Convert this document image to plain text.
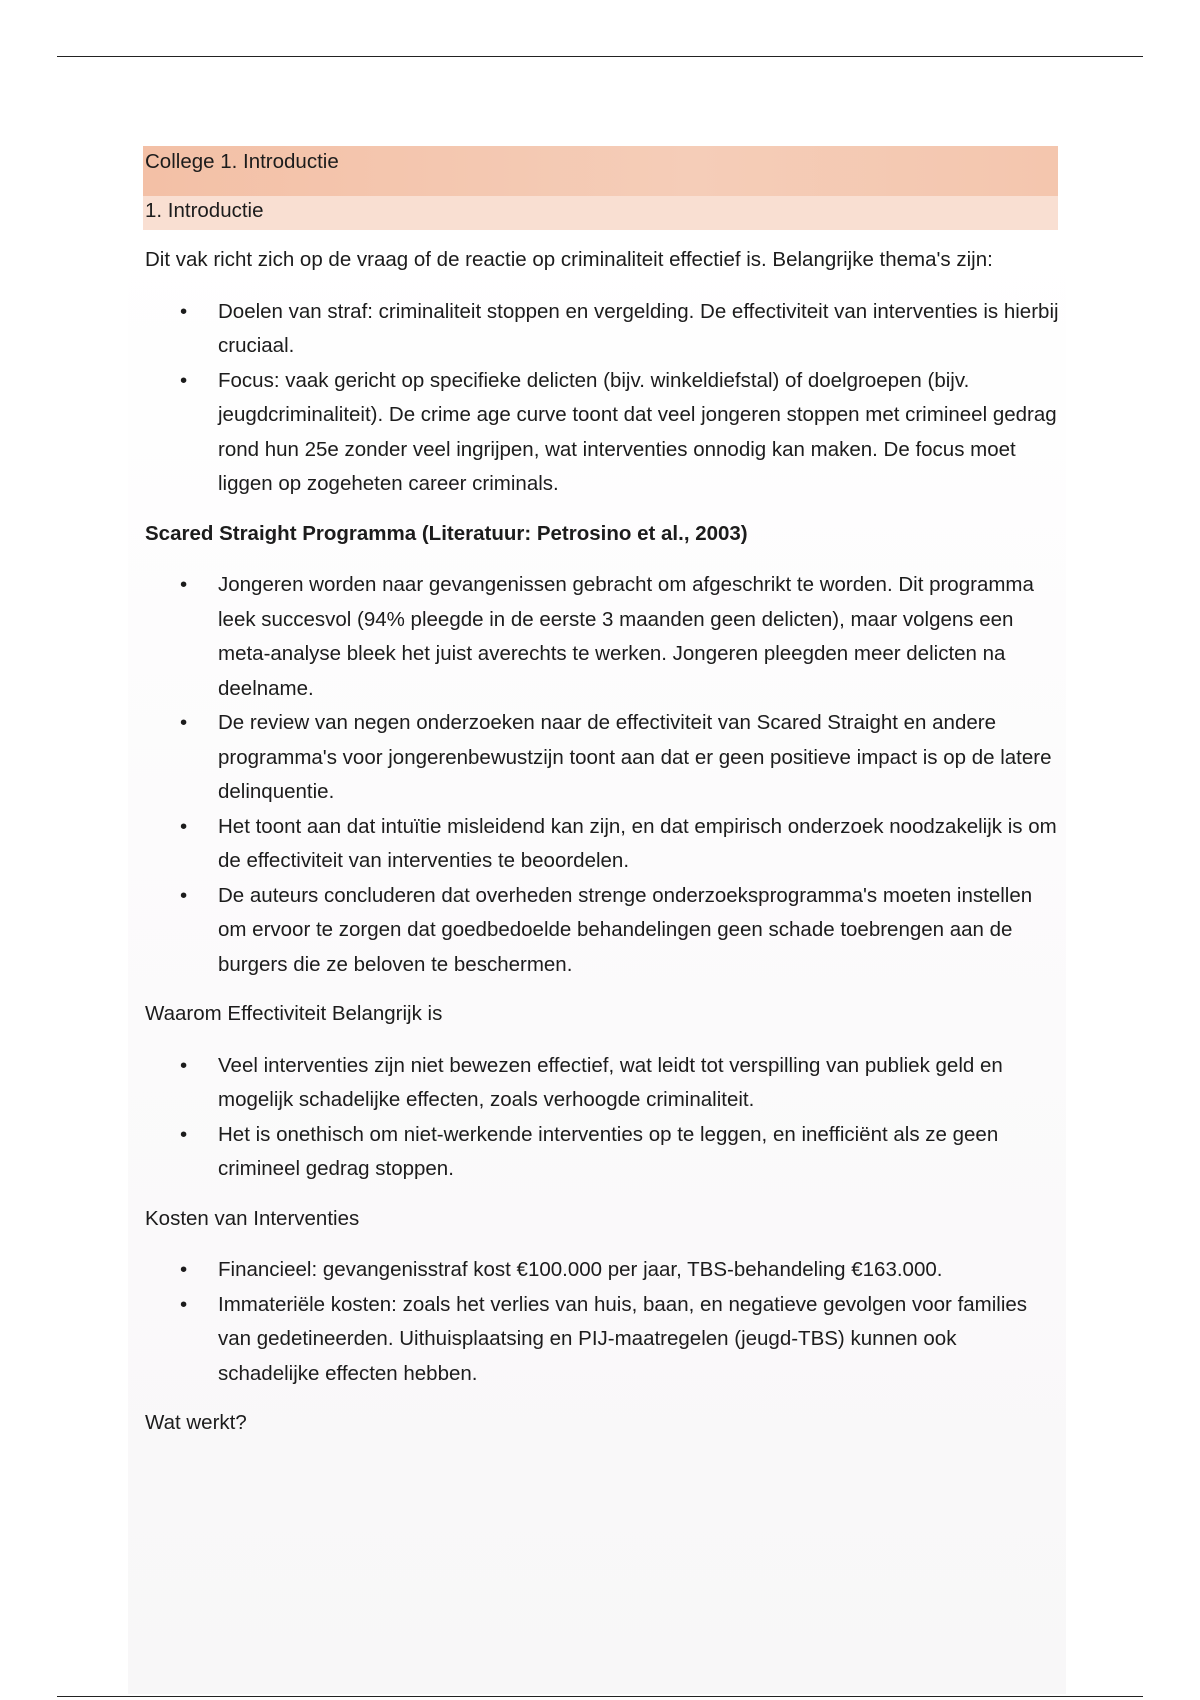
College 1. Introductie
1. Introductie

Dit vak richt zich op de vraag of de reactie op criminaliteit effectief is. Belangrijke thema's zijn:

• Doelen van straf: criminaliteit stoppen en vergelding. De effectiviteit van interventies is hierbij cruciaal.
• Focus: vaak gericht op specifieke delicten (bijv. winkeldiefstal) of doelgroepen (bijv. jeugdcriminaliteit). De crime age curve toont dat veel jongeren stoppen met crimineel gedrag rond hun 25e zonder veel ingrijpen, wat interventies onnodig kan maken. De focus moet liggen op zogeheten career criminals.

Scared Straight Programma (Literatuur: Petrosino et al., 2003)

• Jongeren worden naar gevangenissen gebracht om afgeschrikt te worden. Dit programma leek succesvol (94% pleegde in de eerste 3 maanden geen delicten), maar volgens een meta-analyse bleek het juist averechts te werken. Jongeren pleegden meer delicten na deelname.
• De review van negen onderzoeken naar de effectiviteit van Scared Straight en andere programma's voor jongerenbewustzijn toont aan dat er geen positieve impact is op de latere delinquentie.
• Het toont aan dat intuïtie misleidend kan zijn, en dat empirisch onderzoek noodzakelijk is om de effectiviteit van interventies te beoordelen.
• De auteurs concluderen dat overheden strenge onderzoeksprogramma's moeten instellen om ervoor te zorgen dat goedbedoelde behandelingen geen schade toebrengen aan de burgers die ze beloven te beschermen.

Waarom Effectiviteit Belangrijk is

• Veel interventies zijn niet bewezen effectief, wat leidt tot verspilling van publiek geld en mogelijk schadelijke effecten, zoals verhoogde criminaliteit.
• Het is onethisch om niet-werkende interventies op te leggen, en inefficiënt als ze geen crimineel gedrag stoppen.

Kosten van Interventies

• Financieel: gevangenisstraf kost €100.000 per jaar, TBS-behandeling €163.000.
• Immateriële kosten: zoals het verlies van huis, baan, en negatieve gevolgen voor families van gedetineerden. Uithuisplaatsing en PIJ-maatregelen (jeugd-TBS) kunnen ook schadelijke effecten hebben.

Wat werkt?
